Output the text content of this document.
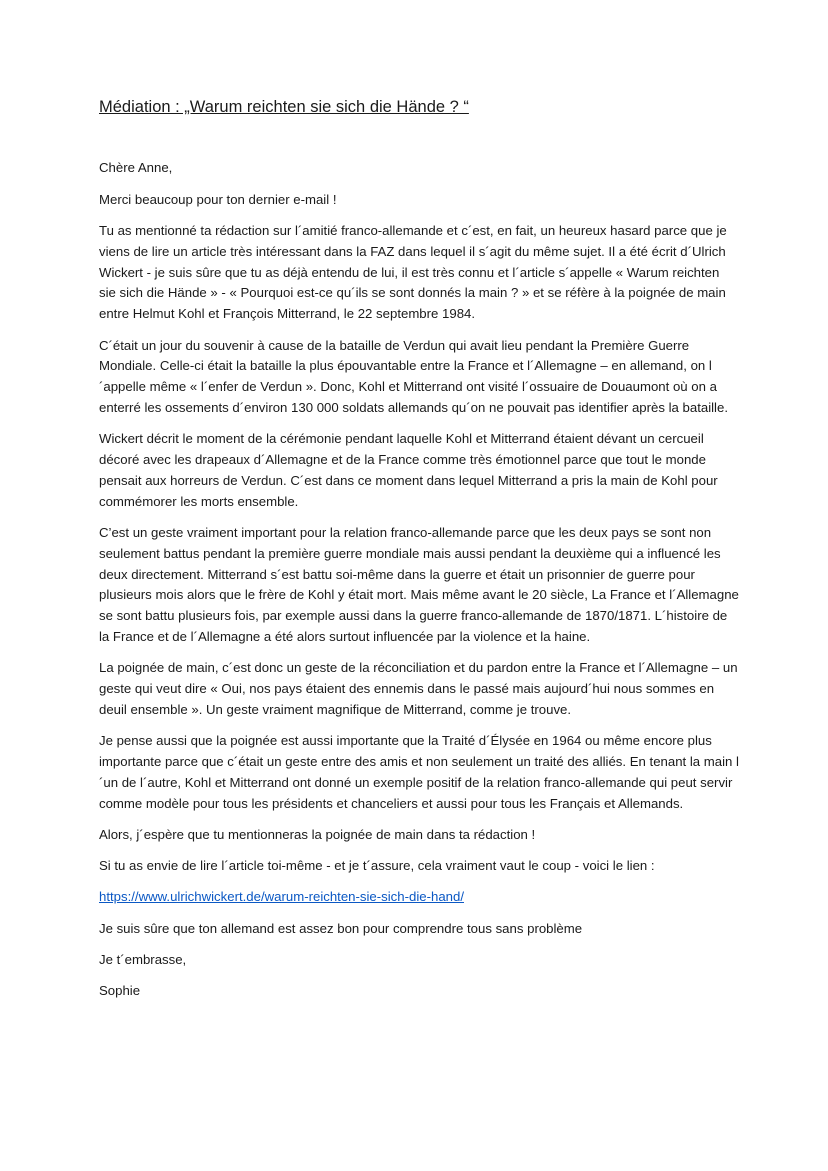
Médiation : „Warum reichten sie sich die Hände ? “

Chère Anne,

Merci beaucoup pour ton dernier e-mail !

Tu as mentionné ta rédaction sur l´amitié franco-allemande et c´est, en fait, un heureux hasard parce que je viens de lire un article très intéressant dans la FAZ dans lequel il s´agit du même sujet. Il a été écrit d´Ulrich Wickert - je suis sûre que tu as déjà entendu de lui, il est très connu et l´article s´appelle « Warum reichten sie sich die Hände » - « Pourquoi est-ce qu´ils se sont donnés la main ? » et se réfère à la poignée de main entre Helmut Kohl et François Mitterrand, le 22 septembre 1984.

C´était un jour du souvenir à cause de la bataille de Verdun qui avait lieu pendant la Première Guerre Mondiale. Celle-ci était la bataille la plus épouvantable entre la France et l´Allemagne – en allemand, on l´appelle même « l´enfer de Verdun ». Donc, Kohl et Mitterrand ont visité l´ossuaire de Douaumont où on a enterré les ossements d´environ 130 000 soldats allemands qu´on ne pouvait pas identifier après la bataille.

Wickert décrit le moment de la cérémonie pendant laquelle Kohl et Mitterrand étaient dévant un cercueil décoré avec les drapeaux d´Allemagne et de la France comme très émotionnel parce que tout le monde pensait aux horreurs de Verdun. C´est dans ce moment dans lequel Mitterrand a pris la main de Kohl pour commémorer les morts ensemble.

C’est un geste vraiment important pour la relation franco-allemande parce que les deux pays se sont non seulement battus pendant la première guerre mondiale mais aussi pendant la deuxième qui a influencé les deux directement. Mitterrand s´est battu soi-même dans la guerre et était un prisonnier de guerre pour plusieurs mois alors que le frère de Kohl y était mort. Mais même avant le 20 siècle, La France et l´Allemagne se sont battu plusieurs fois, par exemple aussi dans la guerre franco-allemande de 1870/1871. L´histoire de la France et de l´Allemagne a été alors surtout influencée par la violence et la haine.

La poignée de main, c´est donc un geste de la réconciliation et du pardon entre la France et l´Allemagne – un geste qui veut dire « Oui, nos pays étaient des ennemis dans le passé mais aujourd´hui nous sommes en deuil ensemble ». Un geste vraiment magnifique de Mitterrand, comme je trouve.

Je pense aussi que la poignée est aussi importante que la Traité d´Élysée en 1964 ou même encore plus importante parce que c´était un geste entre des amis et non seulement un traité des alliés. En tenant la main l´un de l´autre, Kohl et Mitterrand ont donné un exemple positif de la relation franco-allemande qui peut servir comme modèle pour tous les présidents et chanceliers et aussi pour tous les Français et Allemands.

Alors, j´espère que tu mentionneras la poignée de main dans ta rédaction !

Si tu as envie de lire l´article toi-même - et je t´assure, cela vraiment vaut le coup - voici le lien :

https://www.ulrichwickert.de/warum-reichten-sie-sich-die-hand/

Je suis sûre que ton allemand est assez bon pour comprendre tous sans problème

Je t´embrasse,

Sophie
